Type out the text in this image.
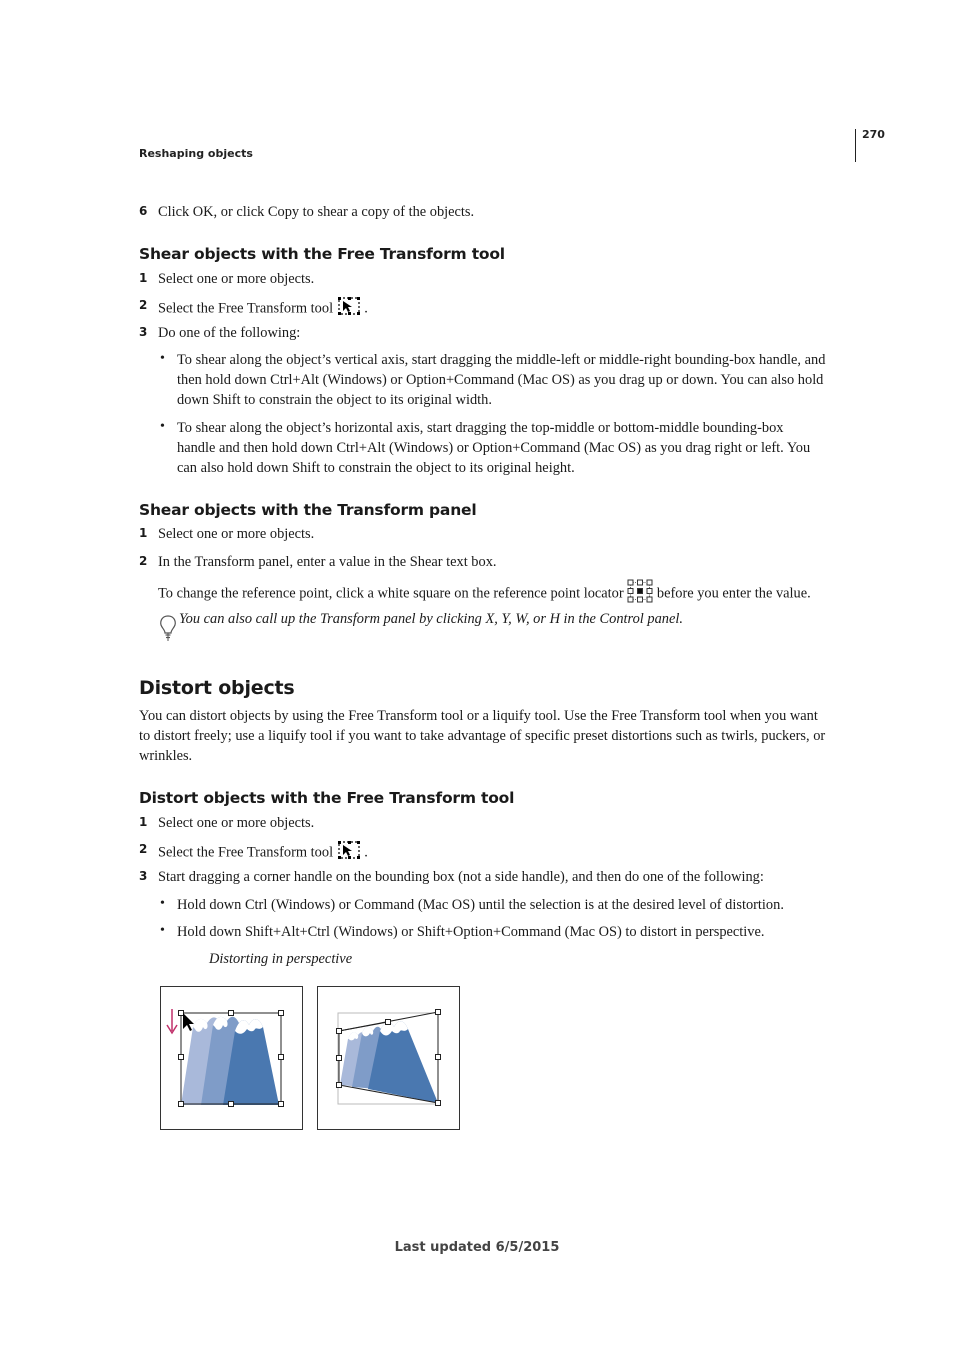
270
Reshaping objects
6 Click OK, or click Copy to shear a copy of the objects.
Shear objects with the Free Transform tool
1 Select one or more objects.
2 Select the Free Transform tool .
3 Do one of the following:
• To shear along the object’s vertical axis, start dragging the middle-left or middle-right bounding-box handle, and
then hold down Ctrl+Alt (Windows) or Option+Command (Mac OS) as you drag up or down. You can also hold
down Shift to constrain the object to its original width.
• To shear along the object’s horizontal axis, start dragging the top-middle or bottom-middle bounding-box
handle and then hold down Ctrl+Alt (Windows) or Option+Command (Mac OS) as you drag right or left. You
can also hold down Shift to constrain the object to its original height.
Shear objects with the Transform panel
1 Select one or more objects.
2 In the Transform panel, enter a value in the Shear text box.
To change the reference point, click a white square on the reference point locator before you enter the value.
You can also call up the Transform panel by clicking X, Y, W, or H in the Control panel.
Distort objects
You can distort objects by using the Free Transform tool or a liquify tool. Use the Free Transform tool when you want
to distort freely; use a liquify tool if you want to take advantage of specific preset distortions such as twirls, puckers, or
wrinkles.
Distort objects with the Free Transform tool
1 Select one or more objects.
2 Select the Free Transform tool .
3 Start dragging a corner handle on the bounding box (not a side handle), and then do one of the following:
• Hold down Ctrl (Windows) or Command (Mac OS) until the selection is at the desired level of distortion.
• Hold down Shift+Alt+Ctrl (Windows) or Shift+Option+Command (Mac OS) to distort in perspective.
Distorting in perspective
Last updated 6/5/2015
